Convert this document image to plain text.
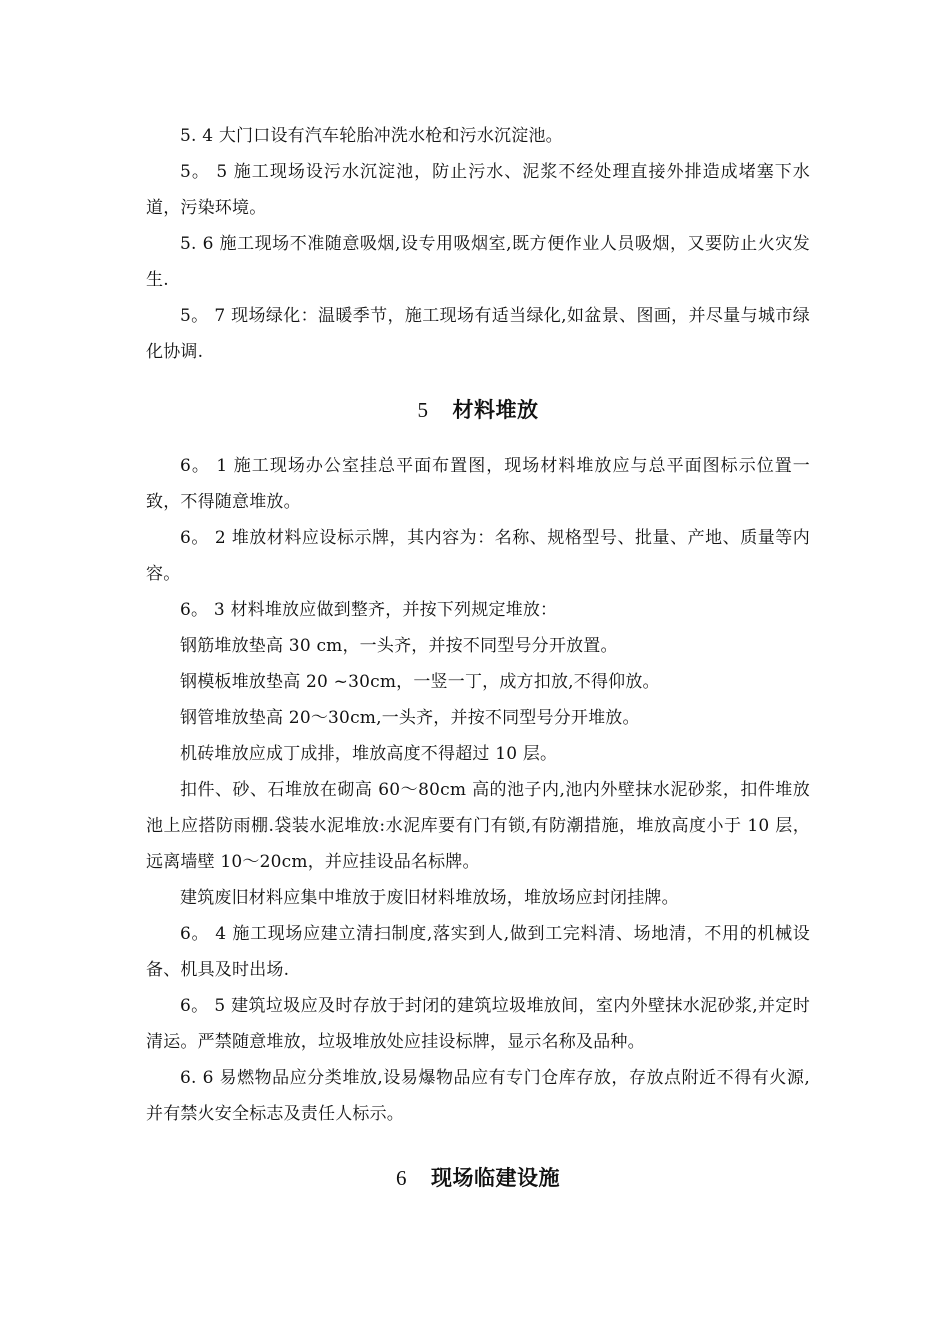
5. 4 大门口设有汽车轮胎冲洗水枪和污水沉淀池。

5。 5 施工现场设污水沉淀池，防止污水、泥浆不经处理直接外排造成堵塞下水道，污染环境。

5. 6 施工现场不准随意吸烟,设专用吸烟室,既方便作业人员吸烟，又要防止火灾发生.

5。 7 现场绿化：温暖季节，施工现场有适当绿化,如盆景、图画，并尽量与城市绿化协调.

5 材料堆放

6。 1 施工现场办公室挂总平面布置图，现场材料堆放应与总平面图标示位置一致，不得随意堆放。

6。 2 堆放材料应设标示牌，其内容为：名称、规格型号、批量、产地、质量等内容。

6。 3 材料堆放应做到整齐，并按下列规定堆放：

钢筋堆放垫高 30 cm，一头齐，并按不同型号分开放置。

钢模板堆放垫高 20 ~30cm，一竖一丁，成方扣放,不得仰放。

钢管堆放垫高 20～30cm,一头齐，并按不同型号分开堆放。

机砖堆放应成丁成排，堆放高度不得超过 10 层。

扣件、砂、石堆放在砌高 60～80cm 高的池子内,池内外壁抹水泥砂浆，扣件堆放池上应搭防雨棚.袋装水泥堆放:水泥库要有门有锁,有防潮措施，堆放高度小于 10 层，远离墙壁 10～20cm，并应挂设品名标牌。

建筑废旧材料应集中堆放于废旧材料堆放场，堆放场应封闭挂牌。

6。 4 施工现场应建立清扫制度,落实到人,做到工完料清、场地清，不用的机械设备、机具及时出场.

6。 5 建筑垃圾应及时存放于封闭的建筑垃圾堆放间，室内外壁抹水泥砂浆,并定时清运。严禁随意堆放，垃圾堆放处应挂设标牌，显示名称及品种。

6. 6 易燃物品应分类堆放,设易爆物品应有专门仓库存放，存放点附近不得有火源,并有禁火安全标志及责任人标示。

6 现场临建设施
